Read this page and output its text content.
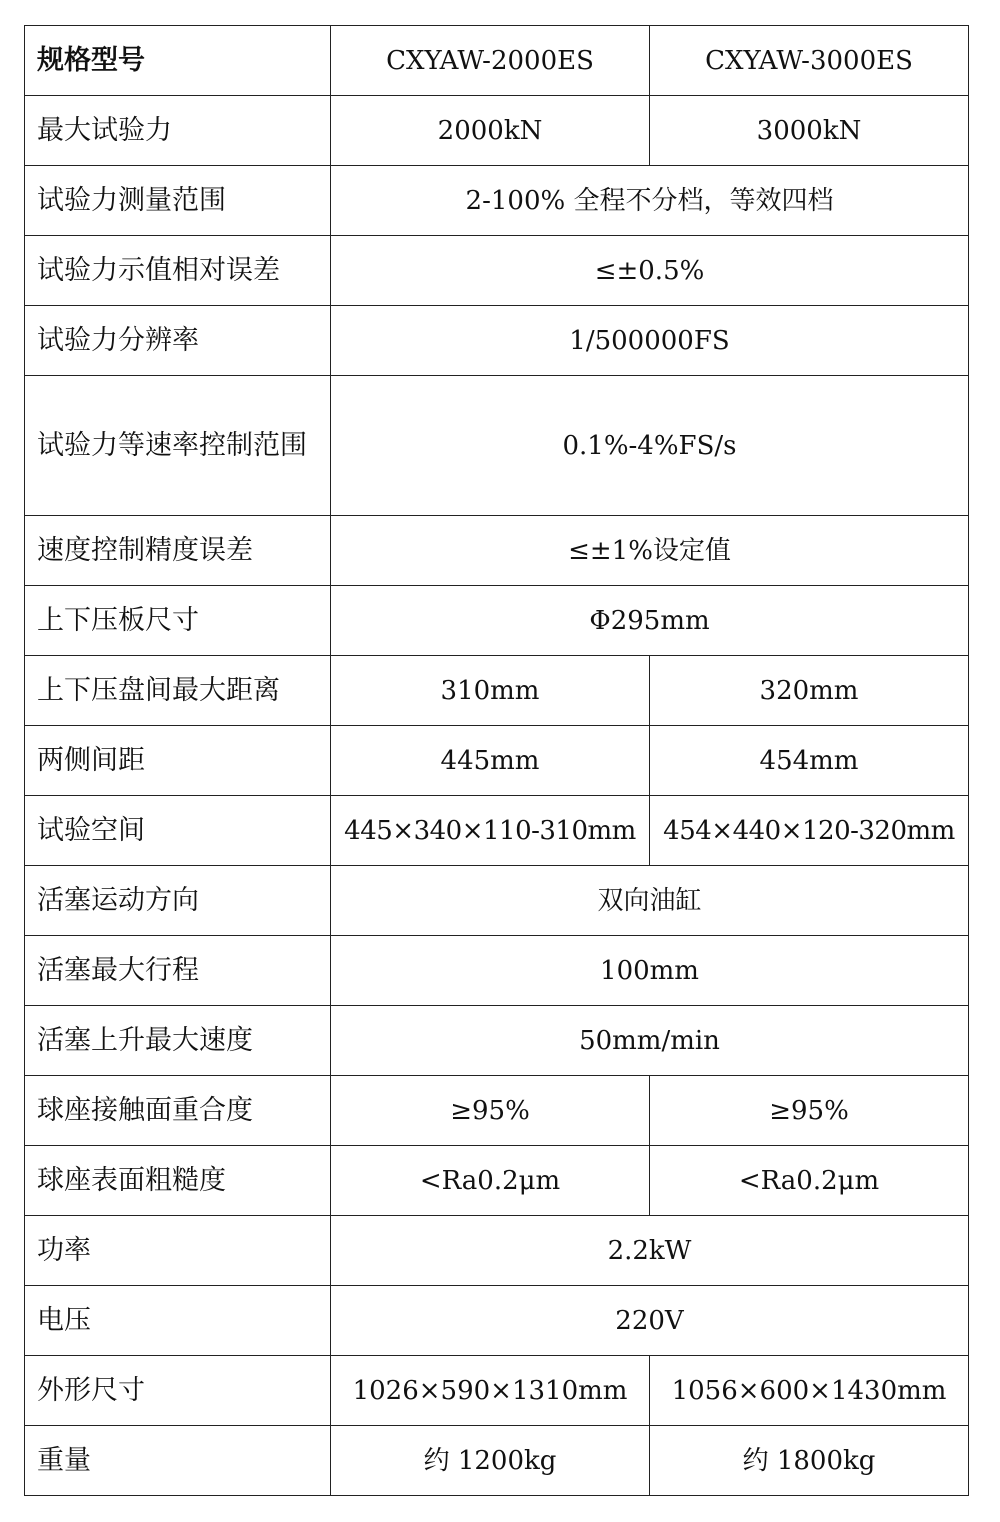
规格型号	CXYAW-2000ES	CXYAW-3000ES
最大试验力	2000kN	3000kN
试验力测量范围	2-100% 全程不分档，等效四档	
试验力示值相对误差	≤±0.5%	
试验力分辨率	1/500000FS	
试验力等速率控制范围	0.1%-4%FS/s	
速度控制精度误差	≤±1%设定值	
上下压板尺寸	Φ295mm	
上下压盘间最大距离	310mm	320mm
两侧间距	445mm	454mm
试验空间	445×340×110-310mm	454×440×120-320mm
活塞运动方向	双向油缸	
活塞最大行程	100mm	
活塞上升最大速度	50mm/min	
球座接触面重合度	≥95%	≥95%
球座表面粗糙度	<Ra0.2μm	<Ra0.2μm
功率	2.2kW	
电压	220V	
外形尺寸	1026×590×1310mm	1056×600×1430mm
重量	约 1200kg	约 1800kg
